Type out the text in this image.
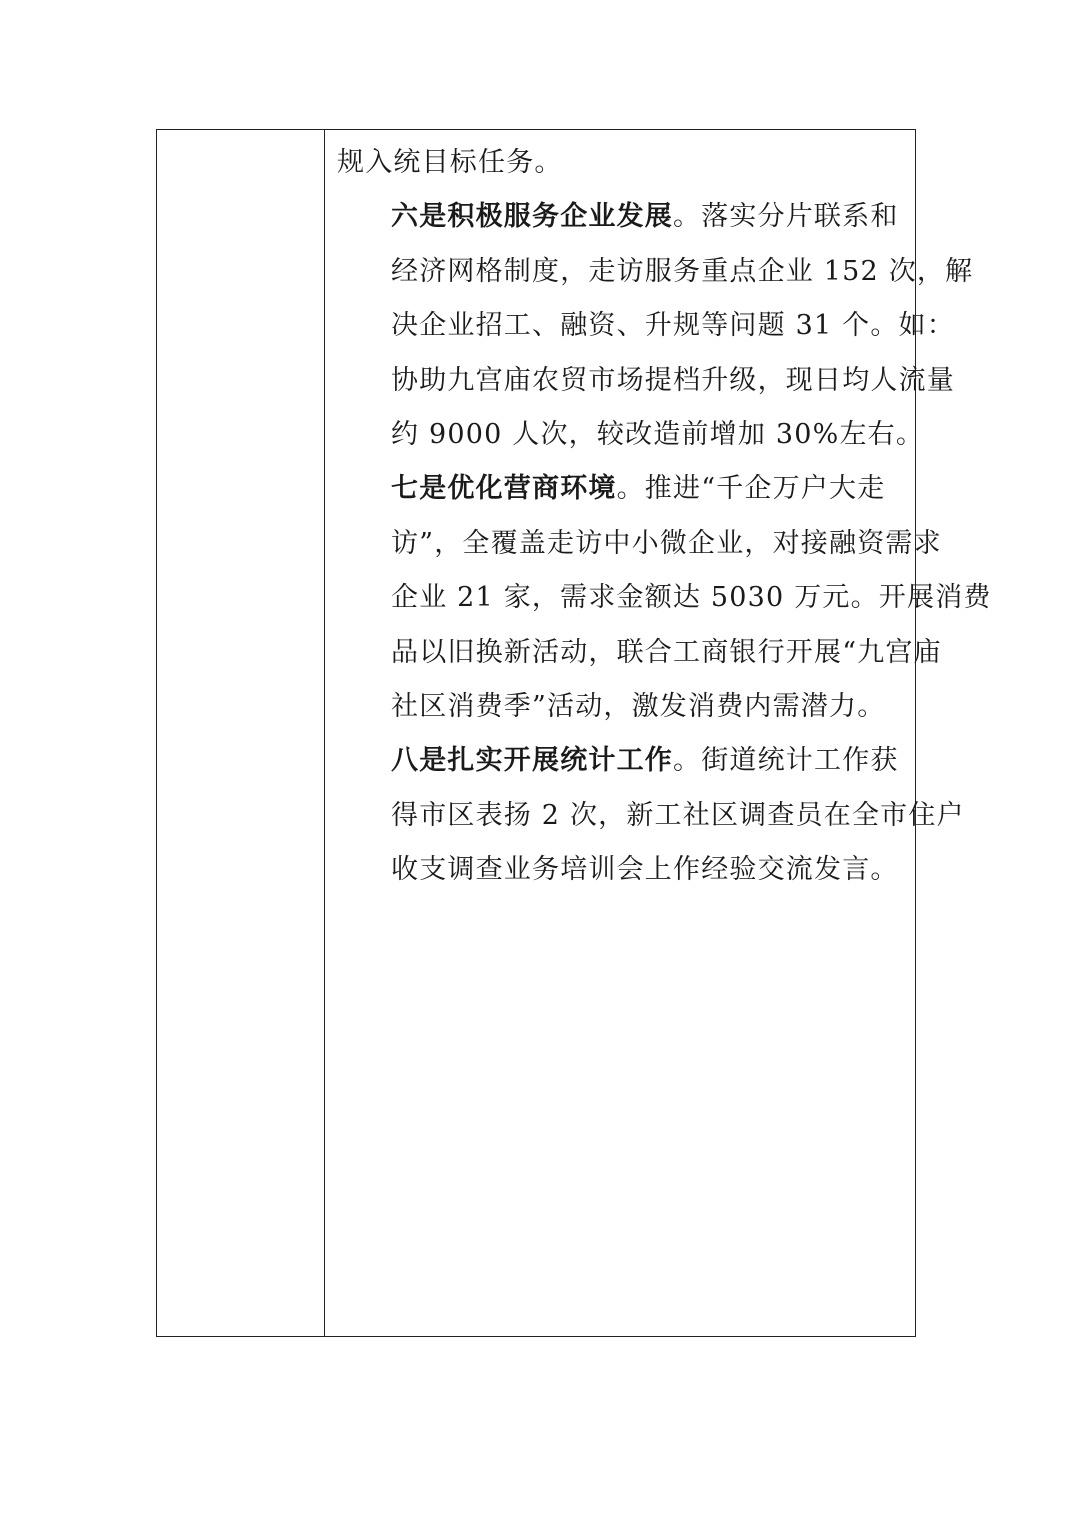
规入统目标任务。

六是积极服务企业发展。落实分片联系和
经济网格制度，走访服务重点企业 152 次，解
决企业招工、融资、升规等问题 31 个。如：
协助九宫庙农贸市场提档升级，现日均人流量
约 9000 人次，较改造前增加 30%左右。

七是优化营商环境。推进“千企万户大走
访”，全覆盖走访中小微企业，对接融资需求
企业 21 家，需求金额达 5030 万元。开展消费
品以旧换新活动，联合工商银行开展“九宫庙
社区消费季”活动，激发消费内需潜力。

八是扎实开展统计工作。街道统计工作获
得市区表扬 2 次，新工社区调查员在全市住户
收支调查业务培训会上作经验交流发言。
